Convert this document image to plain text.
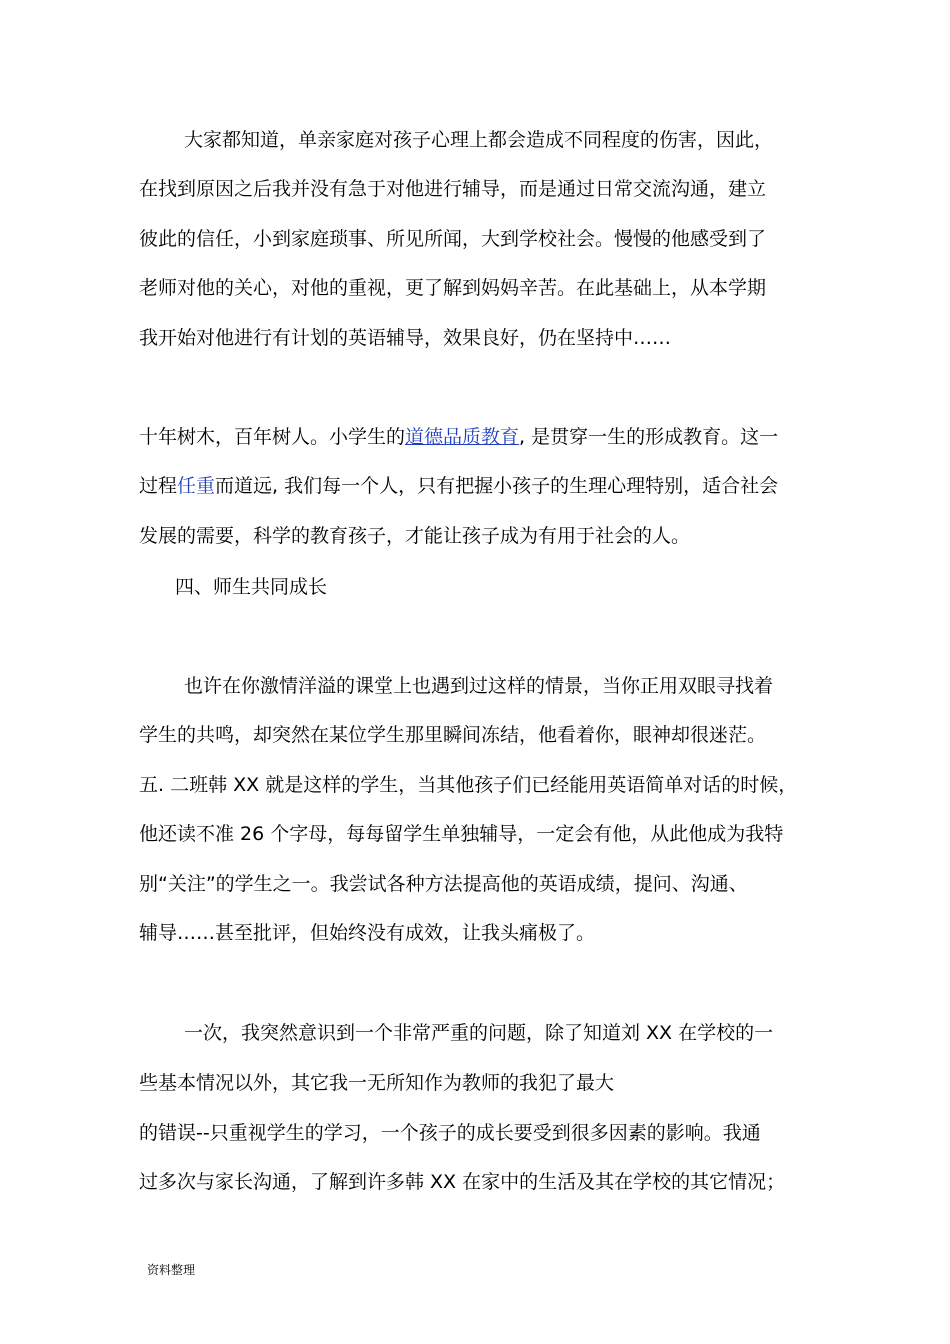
大家都知道，单亲家庭对孩子心理上都会造成不同程度的伤害，因此，
在找到原因之后我并没有急于对他进行辅导，而是通过日常交流沟通，建立
彼此的信任，小到家庭琐事、所见所闻，大到学校社会。慢慢的他感受到了
老师对他的关心，对他的重视，更了解到妈妈辛苦。在此基础上，从本学期
我开始对他进行有计划的英语辅导，效果良好，仍在坚持中……
十年树木，百年树人。小学生的道德品质教育, 是贯穿一生的形成教育。这一
过程任重而道远, 我们每一个人，只有把握小孩子的生理心理特别，适合社会
发展的需要，科学的教育孩子，才能让孩子成为有用于社会的人。
四、师生共同成长
也许在你激情洋溢的课堂上也遇到过这样的情景，当你正用双眼寻找着
学生的共鸣，却突然在某位学生那里瞬间冻结，他看着你，眼神却很迷茫。
五. 二班韩 XX 就是这样的学生，当其他孩子们已经能用英语简单对话的时候，
他还读不准 26 个字母，每每留学生单独辅导，一定会有他，从此他成为我特
别“关注”的学生之一。我尝试各种方法提高他的英语成绩，提问、沟通、
辅导……甚至批评，但始终没有成效，让我头痛极了。
一次，我突然意识到一个非常严重的问题，除了知道刘 XX 在学校的一
些基本情况以外，其它我一无所知作为教师的我犯了最大
的错误--只重视学生的学习，一个孩子的成长要受到很多因素的影响。我通
过多次与家长沟通，了解到许多韩 XX 在家中的生活及其在学校的其它情况；
资料整理
